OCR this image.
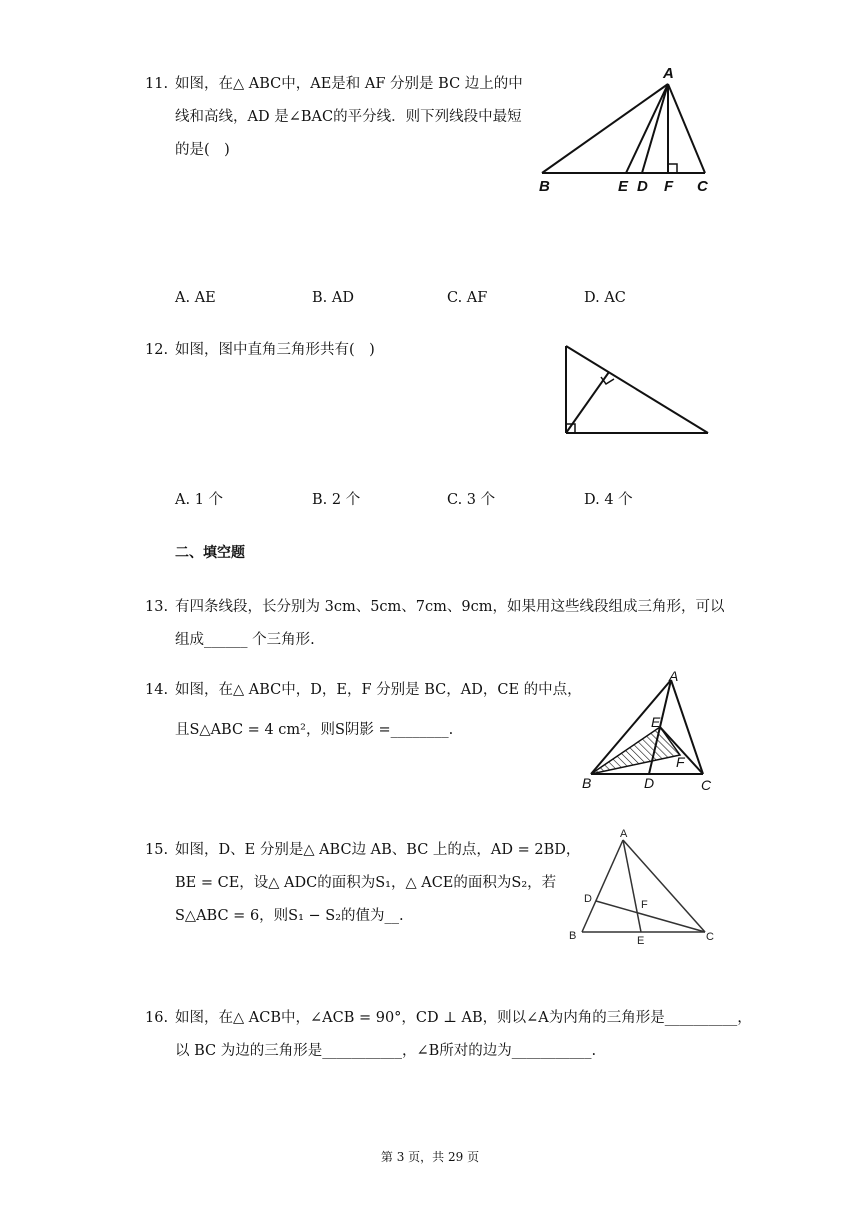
11. 如图，在△ ABC中，AE是和 AF 分别是 BC 边上的中
线和高线，AD 是∠BAC的平分线．则下列线段中最短
的是(　)
A
B	E D F C
A. AE	B. AD	C. AF	D. AC
12. 如图，图中直角三角形共有(　)
A. 1 个	B. 2 个	C. 3 个	D. 4 个
二、填空题
13. 有四条线段，长分别为 3cm、5cm、7cm、9cm，如果用这些线段组成三角形，可以
组成______ 个三角形.
14. 如图，在△ ABC中，D，E，F 分别是 BC，AD，CE 的中点，
且S△ABC = 4 cm²，则S阴影 =________.
A
E
F
B	D	C
15. 如图，D、E 分别是△ ABC边 AB、BC 上的点，AD = 2BD，
BE = CE，设△ ADC的面积为S₁，△ ACE的面积为S₂，若
S△ABC = 6，则S₁ − S₂的值为__.
A
D	F
B	E	C
16. 如图，在△ ACB中，∠ACB = 90°，CD ⊥ AB，则以∠A为内角的三角形是__________，
以 BC 为边的三角形是___________，∠B所对的边为___________.
第 3 页，共 29 页
